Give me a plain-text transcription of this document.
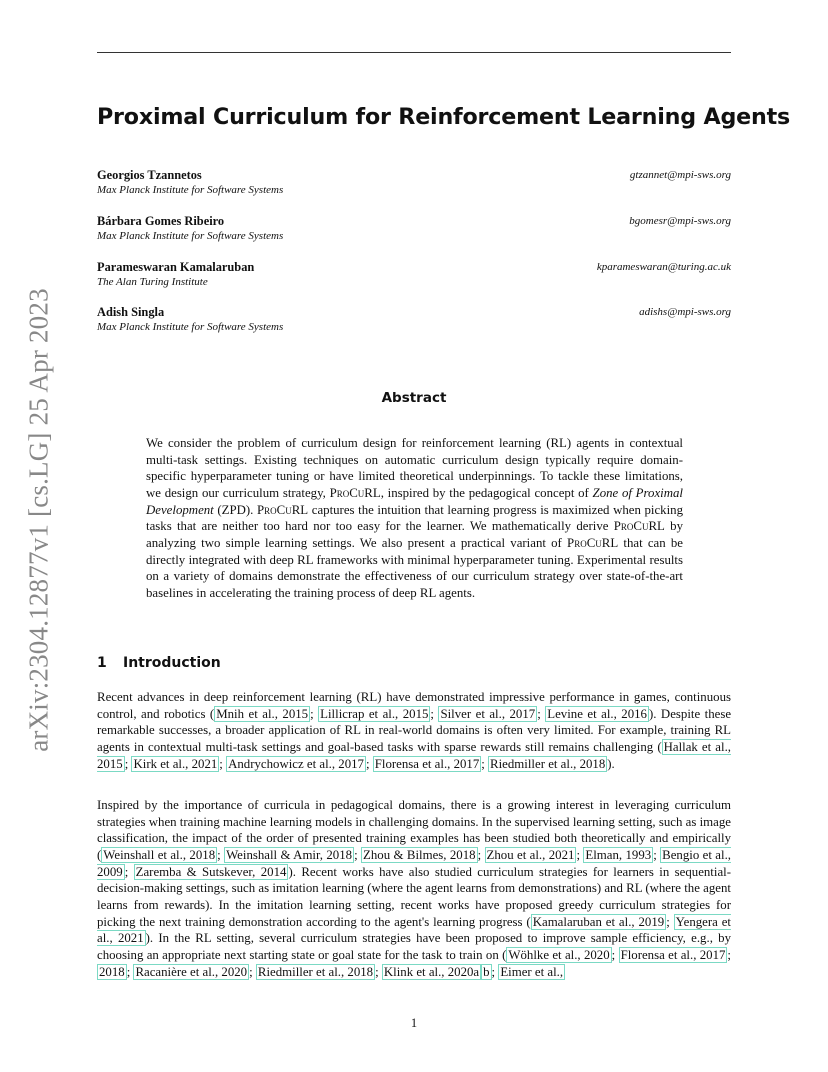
arXiv:2304.12877v1 [cs.LG] 25 Apr 2023
Proximal Curriculum for Reinforcement Learning Agents
Georgios Tzannetos
Max Planck Institute for Software Systems
gtzannet@mpi-sws.org
Bárbara Gomes Ribeiro
Max Planck Institute for Software Systems
bgomesr@mpi-sws.org
Parameswaran Kamalaruban
The Alan Turing Institute
kparameswaran@turing.ac.uk
Adish Singla
Max Planck Institute for Software Systems
adishs@mpi-sws.org
Abstract

We consider the problem of curriculum design for reinforcement learning (RL) agents in contextual multi-task settings. Existing techniques on automatic curriculum design typically require domain-specific hyperparameter tuning or have limited theoretical underpinnings. To tackle these limitations, we design our curriculum strategy, ProCuRL, inspired by the pedagogical concept of Zone of Proximal Development (ZPD). ProCuRL captures the intuition that learning progress is maximized when picking tasks that are neither too hard nor too easy for the learner. We mathematically derive ProCuRL by analyzing two simple learning settings. We also present a practical variant of ProCuRL that can be directly integrated with deep RL frameworks with minimal hyperparameter tuning. Experimental results on a variety of domains demonstrate the effectiveness of our curriculum strategy over state-of-the-art baselines in accelerating the training process of deep RL agents.

1 Introduction

Recent advances in deep reinforcement learning (RL) have demonstrated impressive performance in games, continuous control, and robotics ( Mnih et al., 2015 ; Lillicrap et al., 2015 ; Silver et al., 2017 ; Levine et al., 2016 ). Despite these remarkable successes, a broader application of RL in real-world domains is often very limited. For example, training RL agents in contextual multi-task settings and goal-based tasks with sparse rewards still remains challenging ( Hallak et al., 2015 ; Kirk et al., 2021 ; Andrychowicz et al., 2017 ; Florensa et al., 2017 ; Riedmiller et al., 2018 ).

Inspired by the importance of curricula in pedagogical domains, there is a growing interest in leveraging curriculum strategies when training machine learning models in challenging domains. In the supervised learning setting, such as image classification, the impact of the order of presented training examples has been studied both theoretically and empirically ( Weinshall et al., 2018 ; Weinshall & Amir, 2018 ; Zhou & Bilmes, 2018 ; Zhou et al., 2021 ; Elman, 1993 ; Bengio et al., 2009 ; Zaremba & Sutskever, 2014 ). Recent works have also studied curriculum strategies for learners in sequential-decision-making settings, such as imitation learning (where the agent learns from demonstrations) and RL (where the agent learns from rewards). In the imitation learning setting, recent works have proposed greedy curriculum strategies for picking the next training demonstration according to the agent's learning progress ( Kamalaruban et al., 2019 ; Yengera et al., 2021 ). In the RL setting, several curriculum strategies have been proposed to improve sample efficiency, e.g., by choosing an appropriate next starting state or goal state for the task to train on ( Wöhlke et al., 2020 ; Florensa et al., 2017 ; 2018 ; Racanière et al., 2020 ; Riedmiller et al., 2018 ; Klink et al., 2020a b ; Eimer et al.,

1
